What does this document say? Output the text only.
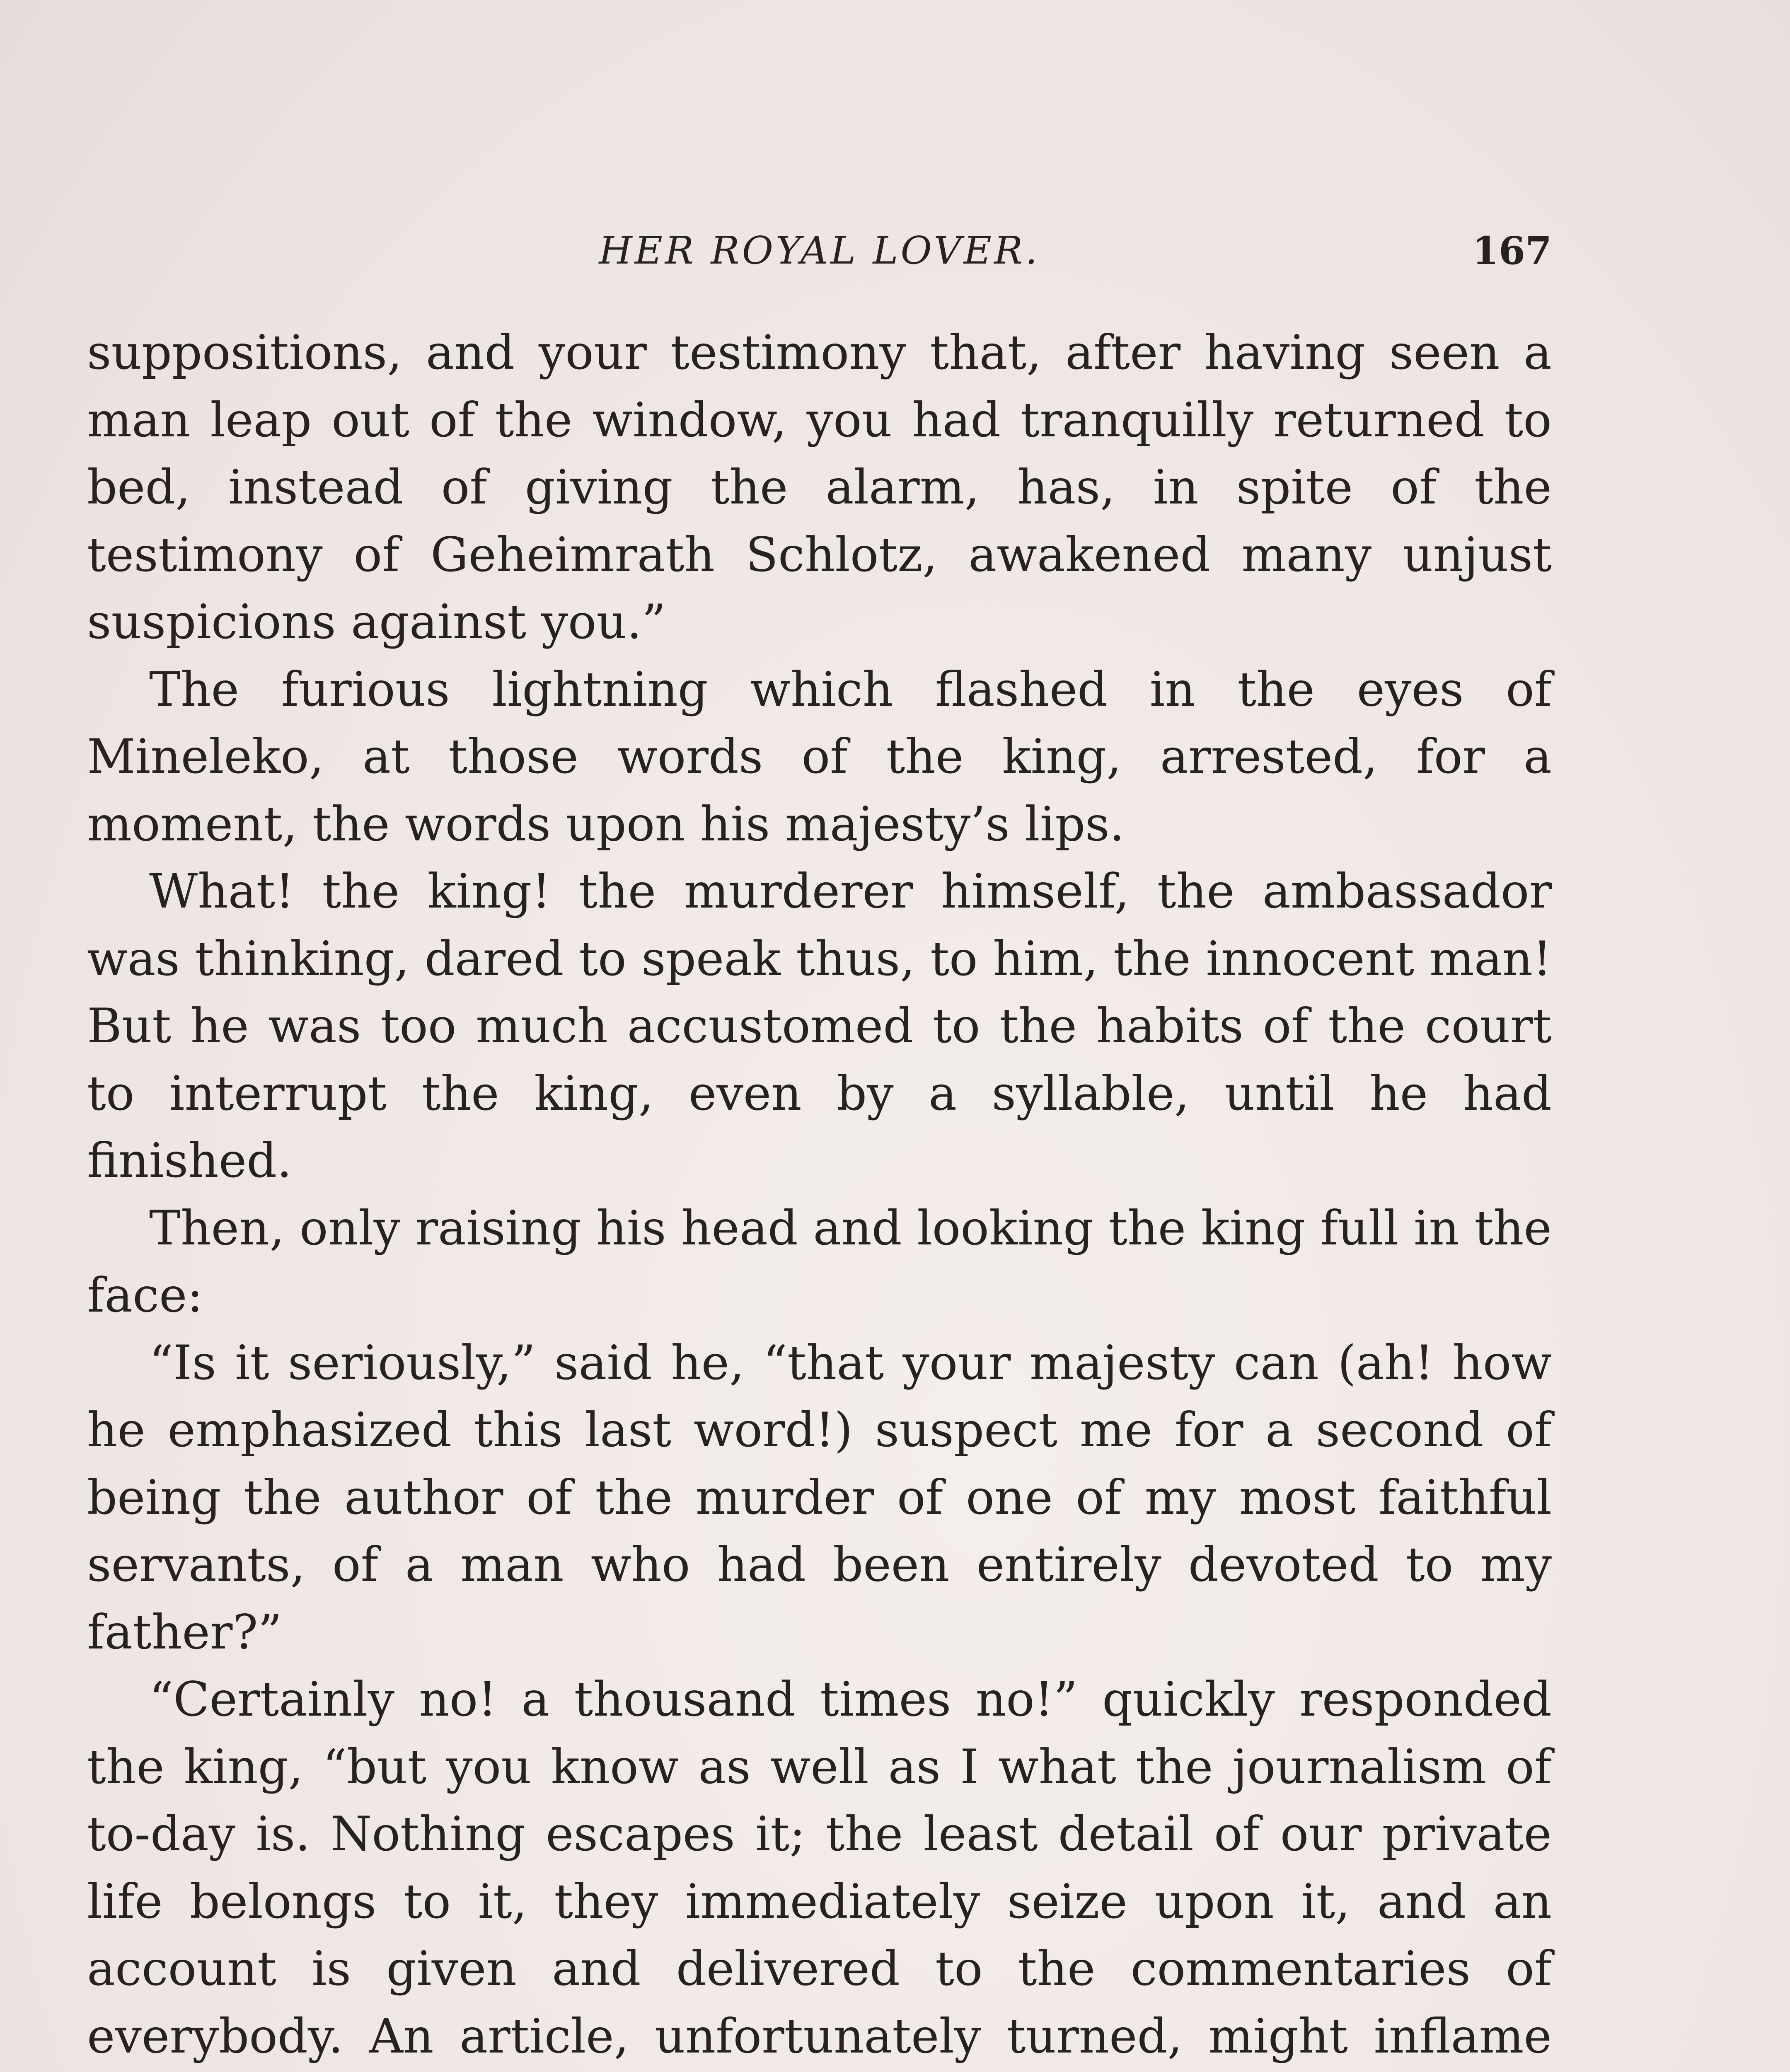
HER ROYAL LOVER.	167

suppositions, and your testimony that, after having seen a man leap out of the window, you had tranquilly returned to bed, instead of giving the alarm, has, in spite of the testimony of Geheimrath Schlotz, awakened many unjust suspicions against you.”

The furious lightning which flashed in the eyes of Mineleko, at those words of the king, arrested, for a moment, the words upon his majesty’s lips.

What! the king! the murderer himself, the ambassador was thinking, dared to speak thus, to him, the innocent man! But he was too much accustomed to the habits of the court to interrupt the king, even by a syllable, until he had finished.

Then, only raising his head and looking the king full in the face:

“Is it seriously,” said he, “that your majesty can (ah! how he emphasized this last word!) suspect me for a second of being the author of the murder of one of my most faithful servants, of a man who had been entirely devoted to my father?”

“Certainly no! a thousand times no!” quickly responded the king, “but you know as well as I what the journalism of to-day is. Nothing escapes it; the least detail of our private life belongs to it, they immediately seize upon it, and an account is given and delivered to the commentaries of everybody. An article, unfortunately turned, might inflame
